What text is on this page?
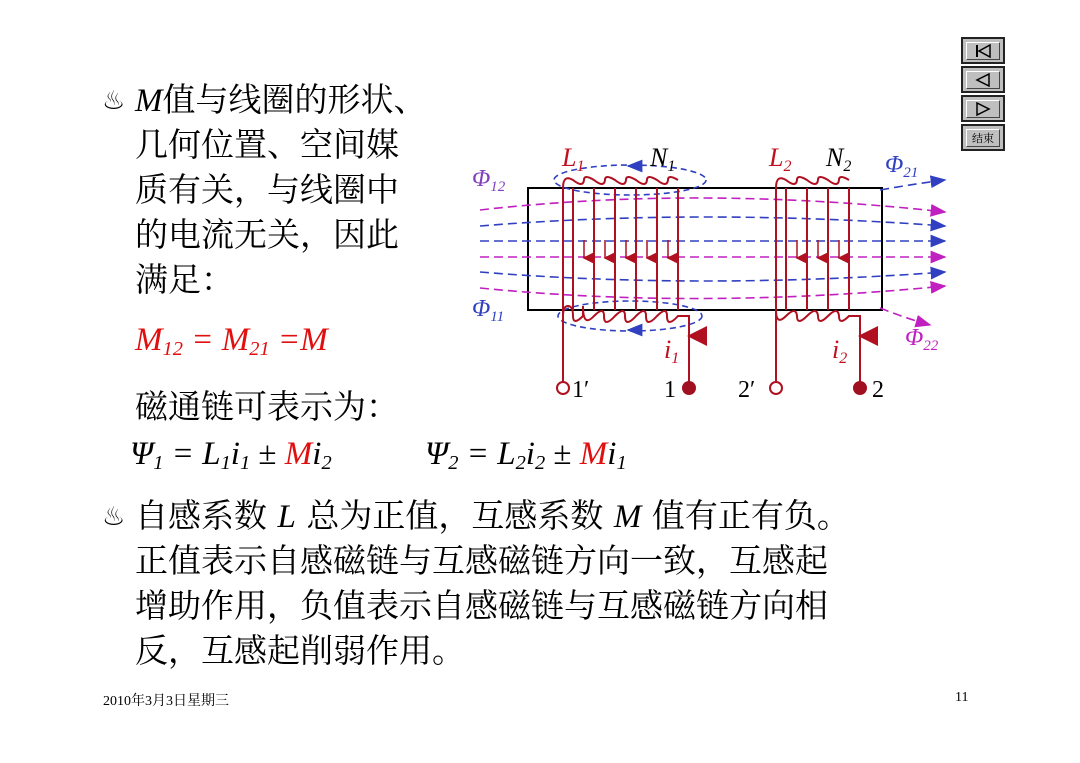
结束
♨ M值与线圈的形状、
几何位置、空间媒
质有关，与线圈中
的电流无关，因此
满足：
$M_{12} = M_{21} =M$
磁通链可表示为：
$\Psi_1 = L_1i_1 \pm Mi_2$	$\Psi_2 = L_2i_2 \pm Mi_1$
♨ 自感系数 L 总为正值，互感系数 M 值有正有负。
正值表示自感磁链与互感磁链方向一致，互感起
增助作用，负值表示自感磁链与互感磁链方向相
反，互感起削弱作用。
$\Phi_{12}$
$\Phi_{11}$
$\Phi_{21}$
$\Phi_{22}$
L1	N1	L2 N2
i1	i2
1′	1	2′	2
2010年3月3日星期三	11
